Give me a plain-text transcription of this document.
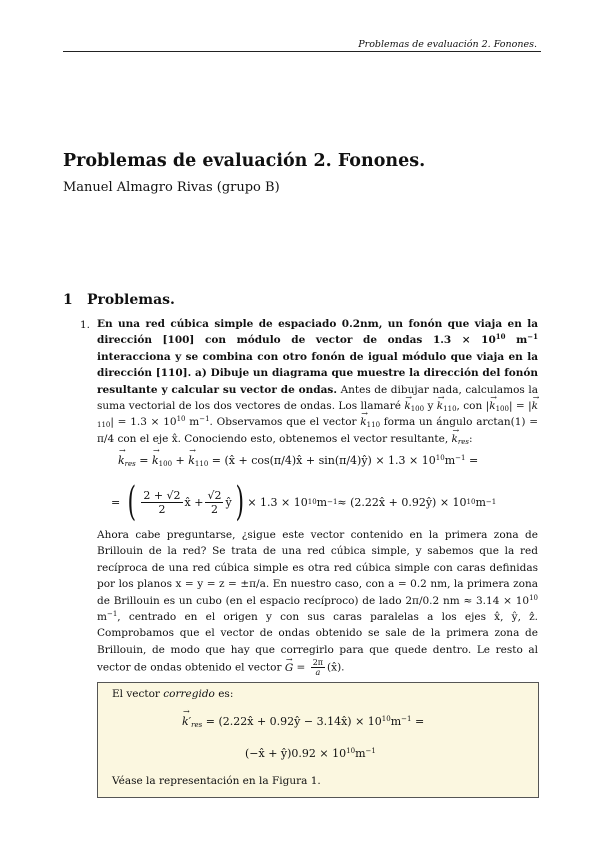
Problemas de evaluación 2. Fonones.
Problemas de evaluación 2. Fonones.
Manuel Almagro Rivas (grupo B)
1 Problemas.
1. En una red cúbica simple de espaciado 0.2nm, un fonón que viaja en la dirección [100] con módulo de vector de ondas $1.3 \times 10^{10}$ $m^{-1}$ interacciona y se combina con otro fonón de igual módulo que viaja en la dirección [110]. a) Dibuje un diagrama que muestre la dirección del fonón resultante y calcular su vector de ondas. Antes de dibujar nada, calculamos la suma vectorial de los dos vectores de ondas. Los llamaré → $k_{100}$ $y \to k_{110}$, con |→ $k_{100}|$ = |→ $k_{110}| = 1.3 \times 10^{10}$ $m^{-1}$. Observamos que el vector → $k_{110}$ forma un ángulo arctan(1) = π/4 con el eje x̂. Conociendo esto, obtenemos el vector resultante, → $k_{res}$:
→ $k_{res}$ = → $k_{100}$ + → $k_{110}$ = (x̂ + cos(π/4)x̂ + sin(π/4)ŷ) × $1.3 \times 10^{10}m^{-1}$ =
=
( $\frac{2 + √2}{2}$ x̂ + $\frac{√2}{2}$ ŷ ) × 1.3 × 10 10 m −1 ≈ (2.22x̂ + 0.92ŷ) × 10 10 m −1
Ahora cabe preguntarse, ¿sigue este vector contenido en la primera zona de Brillouin de la red? Se trata de una red cúbica simple, y sabemos que la red recíproca de una red cúbica simple es otra red cúbica simple con caras definidas por los planos x = y = z = ±π/a. En nuestro caso, con a = 0.2 nm, la primera zona de Brillouin es un cubo (en el espacio recíproco) de lado 2π/0.2 nm ≈ $3.14 \times 10^{10}$ $m^{-1}$, centrado en el origen y con sus caras paralelas a los ejes x̂, ŷ, ẑ. Comprobamos que el vector de ondas obtenido se sale de la primera zona de Brillouin, de modo que hay que corregirlo para que quede dentro. Le resto al vector de ondas obtenido el vector → $G = \frac{2\pi}{a}$ (x̂).
El vector corregido es:
→ $k'_{res}$ = (2.22x̂ + 0.92ŷ − 3.14x̂) × $10^{10}m^{-1}$ =
(−x̂ + ŷ)0.92 × $10^{10}m^{-1}$
Véase la representación en la Figura 1.
